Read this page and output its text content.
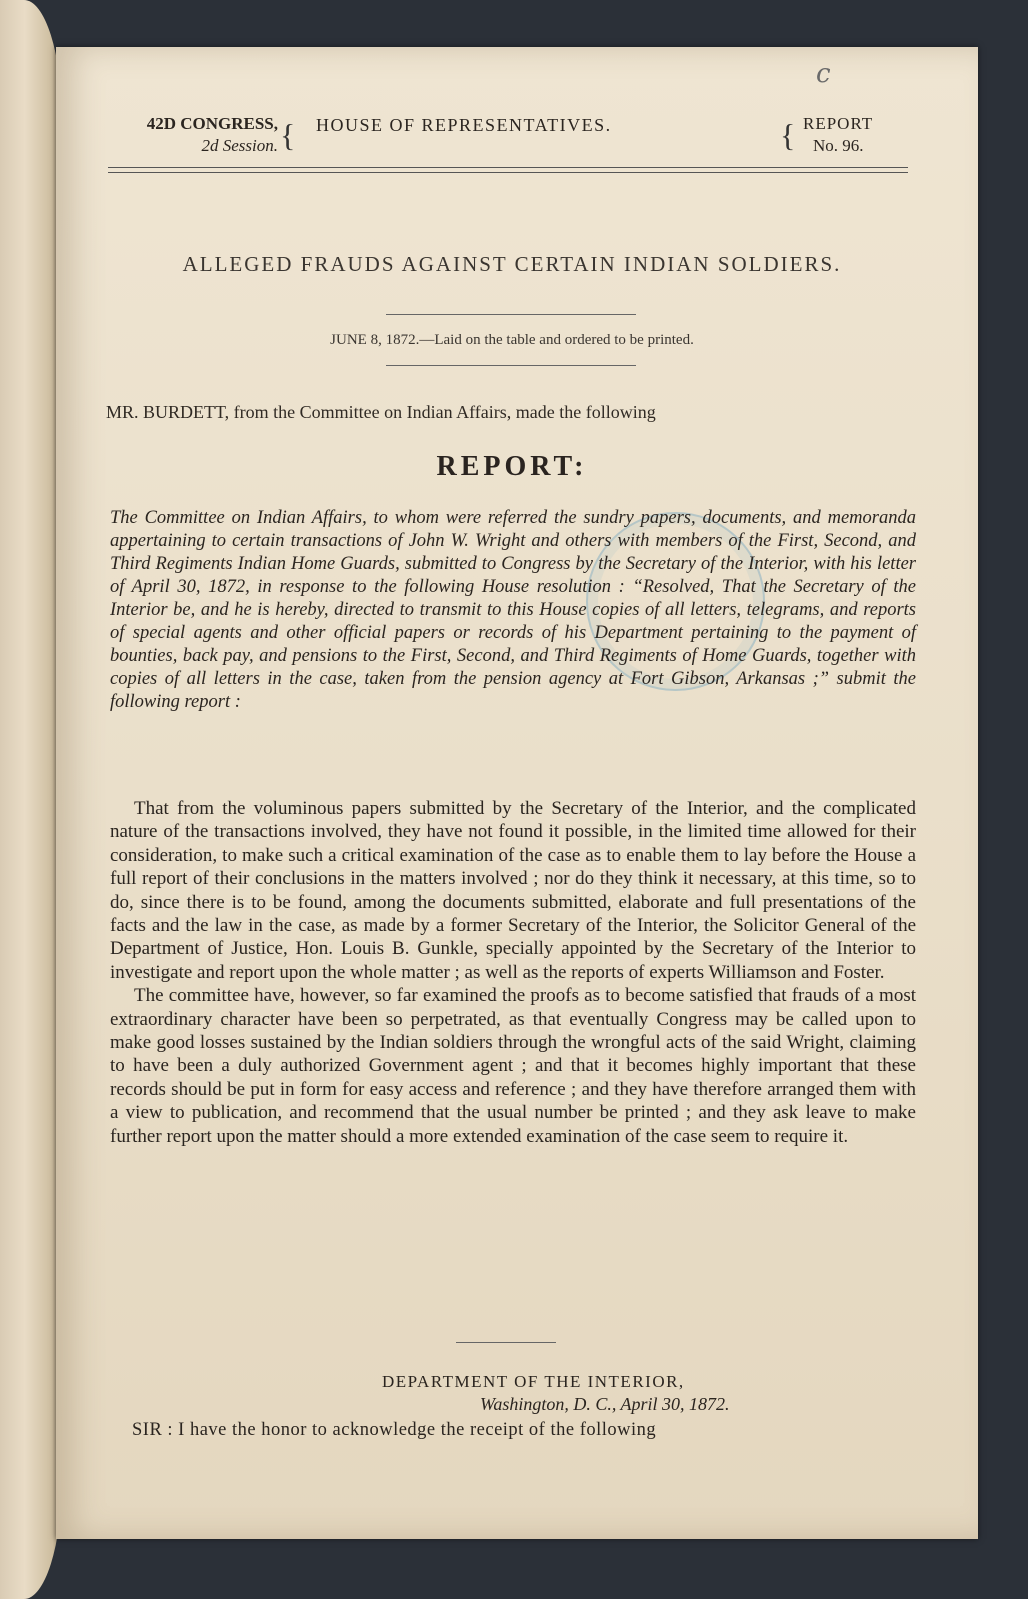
c
42D CONGRESS,
2d Session. { HOUSE OF REPRESENTATIVES.	{ REPORT
No. 96.
ALLEGED FRAUDS AGAINST CERTAIN INDIAN SOLDIERS.
JUNE 8, 1872.—Laid on the table and ordered to be printed.
MR. BURDETT, from the Committee on Indian Affairs, made the following
REPORT:
The Committee on Indian Affairs, to whom were referred the sundry papers, documents, and memoranda appertaining to certain transactions of John W. Wright and others with members of the First, Second, and Third Regiments Indian Home Guards, submitted to Congress by the Secretary of the Interior, with his letter of April 30, 1872, in response to the following House resolution : “Resolved, That the Secretary of the Interior be, and he is hereby, directed to transmit to this House copies of all letters, telegrams, and reports of special agents and other official papers or records of his Department pertaining to the payment of bounties, back pay, and pensions to the First, Second, and Third Regiments of Home Guards, together with copies of all letters in the case, taken from the pension agency at Fort Gibson, Arkansas ;” submit the following report :

That from the voluminous papers submitted by the Secretary of the Interior, and the complicated nature of the transactions involved, they have not found it possible, in the limited time allowed for their consideration, to make such a critical examination of the case as to enable them to lay before the House a full report of their conclusions in the matters involved ; nor do they think it necessary, at this time, so to do, since there is to be found, among the documents submitted, elaborate and full presentations of the facts and the law in the case, as made by a former Secretary of the Interior, the Solicitor General of the Department of Justice, Hon. Louis B. Gunkle, specially appointed by the Secretary of the Interior to investigate and report upon the whole matter ; as well as the reports of experts Williamson and Foster.

The committee have, however, so far examined the proofs as to become satisfied that frauds of a most extraordinary character have been so perpetrated, as that eventually Congress may be called upon to make good losses sustained by the Indian soldiers through the wrongful acts of the said Wright, claiming to have been a duly authorized Government agent ; and that it becomes highly important that these records should be put in form for easy access and reference ; and they have therefore arranged them with a view to publication, and recommend that the usual number be printed ; and they ask leave to make further report upon the matter should a more extended examination of the case seem to require it.

DEPARTMENT OF THE INTERIOR,
Washington, D. C., April 30, 1872.
SIR : I have the honor to acknowledge the receipt of the following
